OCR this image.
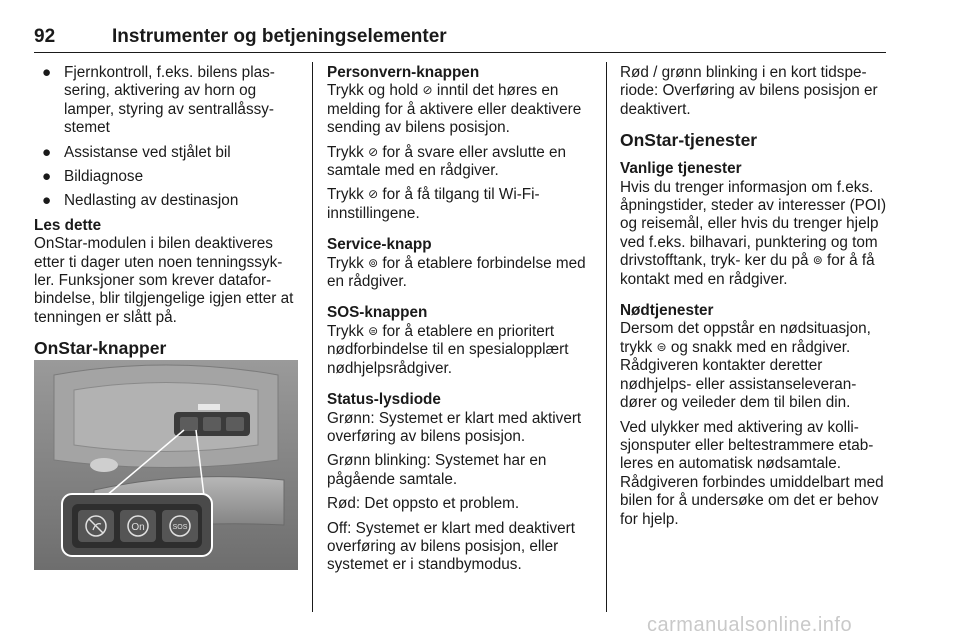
92	Instrumenter og betjeningselementer
● Fjernkontroll, f.eks. bilens plas- sering, aktivering av horn og lamper, styring av sentrallåssy- stemet
● Assistanse ved stjålet bil
● Bildiagnose
● Nedlasting av destinasjon
Les dette
OnStar-modulen i bilen deaktiveres etter ti dager uten noen tenningssyk- ler. Funksjoner som krever datafor- bindelse, blir tilgjengelige igjen etter at tenningen er slått på.
OnStar-knapper
On	SOS
Personvern-knappen

Trykk og hold ⊘ inntil det høres en melding for å aktivere eller deaktivere sending av bilens posisjon.

Trykk ⊘ for å svare eller avslutte en samtale med en rådgiver.

Trykk ⊘ for å få tilgang til Wi-Fi- innstillingene.

Service-knapp

Trykk ⊚ for å etablere forbindelse med en rådgiver.

SOS-knappen

Trykk ⊜ for å etablere en prioritert nødforbindelse til en spesialopplært nødhjelpsrådgiver.

Status-lysdiode

Grønn: Systemet er klart med aktivert overføring av bilens posisjon.

Grønn blinking: Systemet har en pågående samtale.

Rød: Det oppsto et problem.

Off: Systemet er klart med deaktivert overføring av bilens posisjon, eller systemet er i standbymodus.

Rød / grønn blinking i en kort tidspe- riode: Overføring av bilens posisjon er deaktivert.

OnStar-tjenester
Vanlige tjenester

Hvis du trenger informasjon om f.eks. åpningstider, steder av interesser (POI) og reisemål, eller hvis du trenger hjelp ved f.eks. bilhavari, punktering og tom drivstofftank, tryk- ker du på ⊚ for å få kontakt med en rådgiver.

Nødtjenester

Dersom det oppstår en nødsituasjon, trykk ⊜ og snakk med en rådgiver. Rådgiveren kontakter deretter nødhjelps- eller assistanseleveran- dører og veileder dem til bilen din.

Ved ulykker med aktivering av kolli- sjonsputer eller beltestrammere etab- leres en automatisk nødsamtale. Rådgiveren forbindes umiddelbart med bilen for å undersøke om det er behov for hjelp.

carmanualsonline.info
